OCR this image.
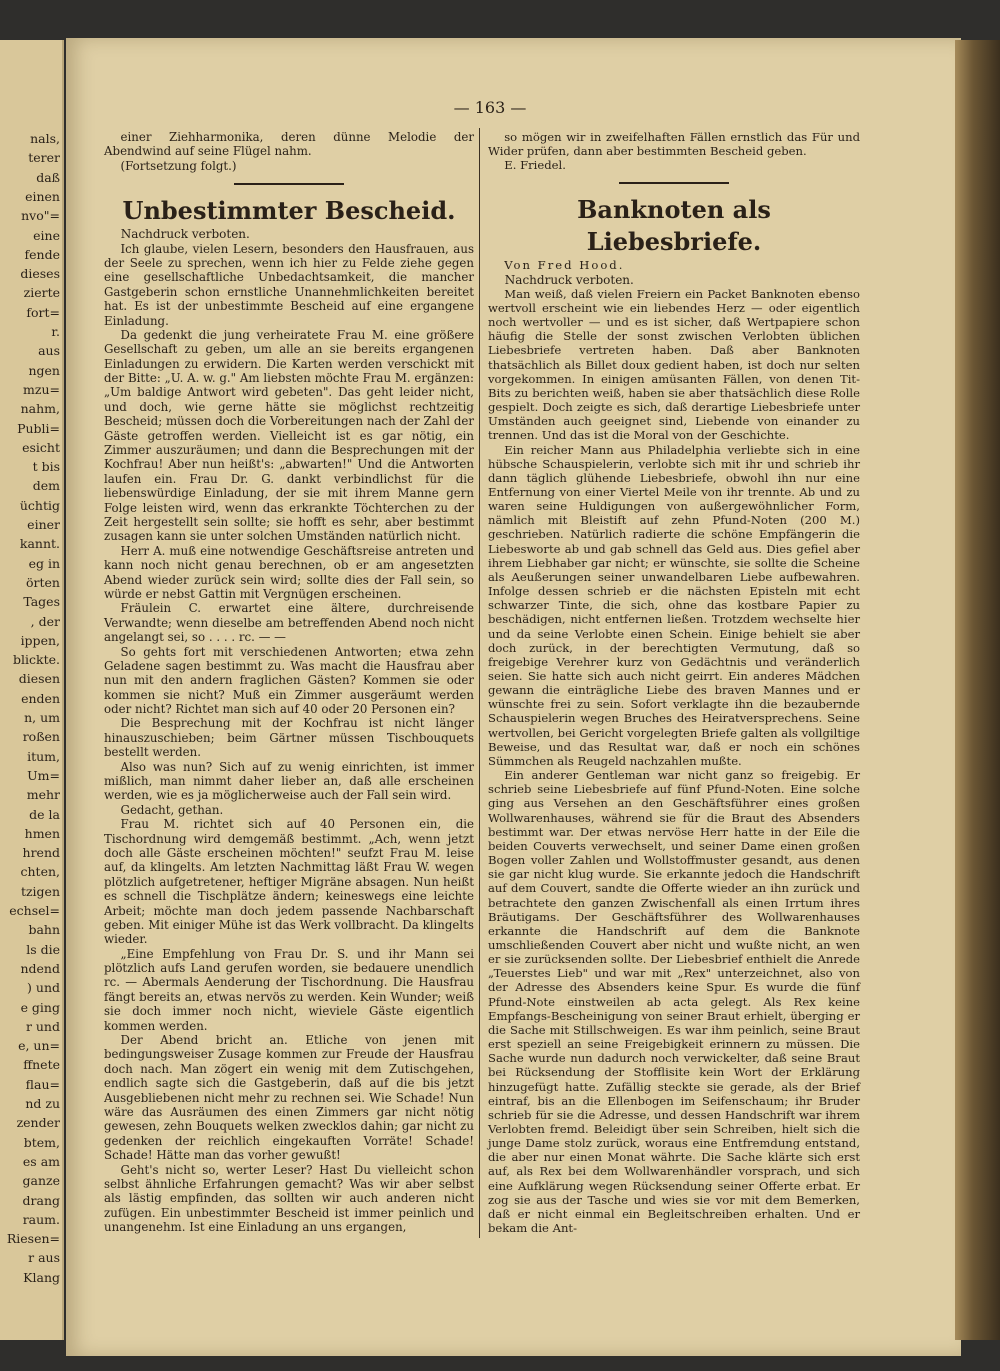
nals,
terer
daß
einen
nvo"=
eine
fende
dieses
zierte
fort=
r.
aus
ngen
mzu=
nahm,
Publi=
esicht
t bis
dem
üchtig
einer
kannt.
eg in
örten
Tages
, der
ippen,
blickte.
diesen
enden
n, um
roßen
itum,
Um=
mehr
de la
hmen
hrend
chten,
tzigen
echsel=
bahn
ls die
ndend
) und
e ging
r und
e, un=
ffnete
flau=
nd zu
zender
btem,
es am
ganze
drang
raum.
Riesen=
r aus
Klang
— 163 —

einer Ziehharmonika, deren dünne Melodie der Abendwind auf seine Flügel nahm.

(Fortsetzung folgt.)

Unbestimmter Bescheid.

Nachdruck verboten.

Ich glaube, vielen Lesern, besonders den Hausfrauen, aus der Seele zu sprechen, wenn ich hier zu Felde ziehe gegen eine gesellschaftliche Unbedachtsamkeit, die mancher Gastgeberin schon ernstliche Unannehmlichkeiten bereitet hat. Es ist der unbestimmte Bescheid auf eine ergangene Einladung.

Da gedenkt die jung verheiratete Frau M. eine größere Gesellschaft zu geben, um alle an sie bereits ergangenen Einladungen zu erwidern. Die Karten werden verschickt mit der Bitte: „U. A. w. g." Am liebsten möchte Frau M. ergänzen: „Um baldige Antwort wird gebeten". Das geht leider nicht, und doch, wie gerne hätte sie möglichst rechtzeitig Bescheid; müssen doch die Vorbereitungen nach der Zahl der Gäste getroffen werden. Vielleicht ist es gar nötig, ein Zimmer auszuräumen; und dann die Besprechungen mit der Kochfrau! Aber nun heißt's: „abwarten!" Und die Antworten laufen ein. Frau Dr. G. dankt verbindlichst für die liebenswürdige Einladung, der sie mit ihrem Manne gern Folge leisten wird, wenn das erkrankte Töchterchen zu der Zeit hergestellt sein sollte; sie hofft es sehr, aber bestimmt zusagen kann sie unter solchen Umständen natürlich nicht.

Herr A. muß eine notwendige Geschäftsreise antreten und kann noch nicht genau berechnen, ob er am angesetzten Abend wieder zurück sein wird; sollte dies der Fall sein, so würde er nebst Gattin mit Vergnügen erscheinen.

Fräulein C. erwartet eine ältere, durchreisende Verwandte; wenn dieselbe am betreffenden Abend noch nicht angelangt sei, so . . . . rc. — —

So gehts fort mit verschiedenen Antworten; etwa zehn Geladene sagen bestimmt zu. Was macht die Hausfrau aber nun mit den andern fraglichen Gästen? Kommen sie oder kommen sie nicht? Muß ein Zimmer ausgeräumt werden oder nicht? Richtet man sich auf 40 oder 20 Personen ein?

Die Besprechung mit der Kochfrau ist nicht länger hinauszuschieben; beim Gärtner müssen Tischbouquets bestellt werden.

Also was nun? Sich auf zu wenig einrichten, ist immer mißlich, man nimmt daher lieber an, daß alle erscheinen werden, wie es ja möglicherweise auch der Fall sein wird.

Gedacht, gethan.

Frau M. richtet sich auf 40 Personen ein, die Tischordnung wird demgemäß bestimmt. „Ach, wenn jetzt doch alle Gäste erscheinen möchten!" seufzt Frau M. leise auf, da klingelts. Am letzten Nachmittag läßt Frau W. wegen plötzlich aufgetretener, heftiger Migräne absagen. Nun heißt es schnell die Tischplätze ändern; keineswegs eine leichte Arbeit; möchte man doch jedem passende Nachbarschaft geben. Mit einiger Mühe ist das Werk vollbracht. Da klingelts wieder.

„Eine Empfehlung von Frau Dr. S. und ihr Mann sei plötzlich aufs Land gerufen worden, sie bedauere unendlich rc. — Abermals Aenderung der Tischordnung. Die Hausfrau fängt bereits an, etwas nervös zu werden. Kein Wunder; weiß sie doch immer noch nicht, wieviele Gäste eigentlich kommen werden.

Der Abend bricht an. Etliche von jenen mit bedingungsweiser Zusage kommen zur Freude der Hausfrau doch nach. Man zögert ein wenig mit dem Zutischgehen, endlich sagte sich die Gastgeberin, daß auf die bis jetzt Ausgebliebenen nicht mehr zu rechnen sei. Wie Schade! Nun wäre das Ausräumen des einen Zimmers gar nicht nötig gewesen, zehn Bouquets welken zwecklos dahin; gar nicht zu gedenken der reichlich eingekauften Vorräte! Schade! Schade! Hätte man das vorher gewußt!

Geht's nicht so, werter Leser? Hast Du vielleicht schon selbst ähnliche Erfahrungen gemacht? Was wir aber selbst als lästig empfinden, das sollten wir auch anderen nicht zufügen. Ein unbestimmter Bescheid ist immer peinlich und unangenehm. Ist eine Einladung an uns ergangen,

so mögen wir in zweifelhaften Fällen ernstlich das Für und Wider prüfen, dann aber bestimmten Bescheid geben.

E. Friedel.

Banknoten als Liebesbriefe.

Von Fred Hood.

Nachdruck verboten.

Man weiß, daß vielen Freiern ein Packet Banknoten ebenso wertvoll erscheint wie ein liebendes Herz — oder eigentlich noch wertvoller — und es ist sicher, daß Wertpapiere schon häufig die Stelle der sonst zwischen Verlobten üblichen Liebesbriefe vertreten haben. Daß aber Banknoten thatsächlich als Billet doux gedient haben, ist doch nur selten vorgekommen. In einigen amüsanten Fällen, von denen Tit-Bits zu berichten weiß, haben sie aber thatsächlich diese Rolle gespielt. Doch zeigte es sich, daß derartige Liebesbriefe unter Umständen auch geeignet sind, Liebende von einander zu trennen. Und das ist die Moral von der Geschichte.

Ein reicher Mann aus Philadelphia verliebte sich in eine hübsche Schauspielerin, verlobte sich mit ihr und schrieb ihr dann täglich glühende Liebesbriefe, obwohl ihn nur eine Entfernung von einer Viertel Meile von ihr trennte. Ab und zu waren seine Huldigungen von außergewöhnlicher Form, nämlich mit Bleistift auf zehn Pfund-Noten (200 M.) geschrieben. Natürlich radierte die schöne Empfängerin die Liebesworte ab und gab schnell das Geld aus. Dies gefiel aber ihrem Liebhaber gar nicht; er wünschte, sie sollte die Scheine als Aeußerungen seiner unwandelbaren Liebe aufbewahren. Infolge dessen schrieb er die nächsten Episteln mit echt schwarzer Tinte, die sich, ohne das kostbare Papier zu beschädigen, nicht entfernen ließen. Trotzdem wechselte hier und da seine Verlobte einen Schein. Einige behielt sie aber doch zurück, in der berechtigten Vermutung, daß so freigebige Verehrer kurz von Gedächtnis und veränderlich seien. Sie hatte sich auch nicht geirrt. Ein anderes Mädchen gewann die einträgliche Liebe des braven Mannes und er wünschte frei zu sein. Sofort verklagte ihn die bezaubernde Schauspielerin wegen Bruches des Heiratversprechens. Seine wertvollen, bei Gericht vorgelegten Briefe galten als vollgiltige Beweise, und das Resultat war, daß er noch ein schönes Sümmchen als Reugeld nachzahlen mußte.

Ein anderer Gentleman war nicht ganz so freigebig. Er schrieb seine Liebesbriefe auf fünf Pfund-Noten. Eine solche ging aus Versehen an den Geschäftsführer eines großen Wollwarenhauses, während sie für die Braut des Absenders bestimmt war. Der etwas nervöse Herr hatte in der Eile die beiden Couverts verwechselt, und seiner Dame einen großen Bogen voller Zahlen und Wollstoffmuster gesandt, aus denen sie gar nicht klug wurde. Sie erkannte jedoch die Handschrift auf dem Couvert, sandte die Offerte wieder an ihn zurück und betrachtete den ganzen Zwischenfall als einen Irrtum ihres Bräutigams. Der Geschäftsführer des Wollwarenhauses erkannte die Handschrift auf dem die Banknote umschließenden Couvert aber nicht und wußte nicht, an wen er sie zurücksenden sollte. Der Liebesbrief enthielt die Anrede „Teuerstes Lieb" und war mit „Rex" unterzeichnet, also von der Adresse des Absenders keine Spur. Es wurde die fünf Pfund-Note einstweilen ab acta gelegt. Als Rex keine Empfangs-Bescheinigung von seiner Braut erhielt, überging er die Sache mit Stillschweigen. Es war ihm peinlich, seine Braut erst speziell an seine Freigebigkeit erinnern zu müssen. Die Sache wurde nun dadurch noch verwickelter, daß seine Braut bei Rücksendung der Stofflisite kein Wort der Erklärung hinzugefügt hatte. Zufällig steckte sie gerade, als der Brief eintraf, bis an die Ellenbogen im Seifenschaum; ihr Bruder schrieb für sie die Adresse, und dessen Handschrift war ihrem Verlobten fremd. Beleidigt über sein Schreiben, hielt sich die junge Dame stolz zurück, woraus eine Entfremdung entstand, die aber nur einen Monat währte. Die Sache klärte sich erst auf, als Rex bei dem Wollwarenhändler vorsprach, und sich eine Aufklärung wegen Rücksendung seiner Offerte erbat. Er zog sie aus der Tasche und wies sie vor mit dem Bemerken, daß er nicht einmal ein Begleitschreiben erhalten. Und er bekam die Ant-
